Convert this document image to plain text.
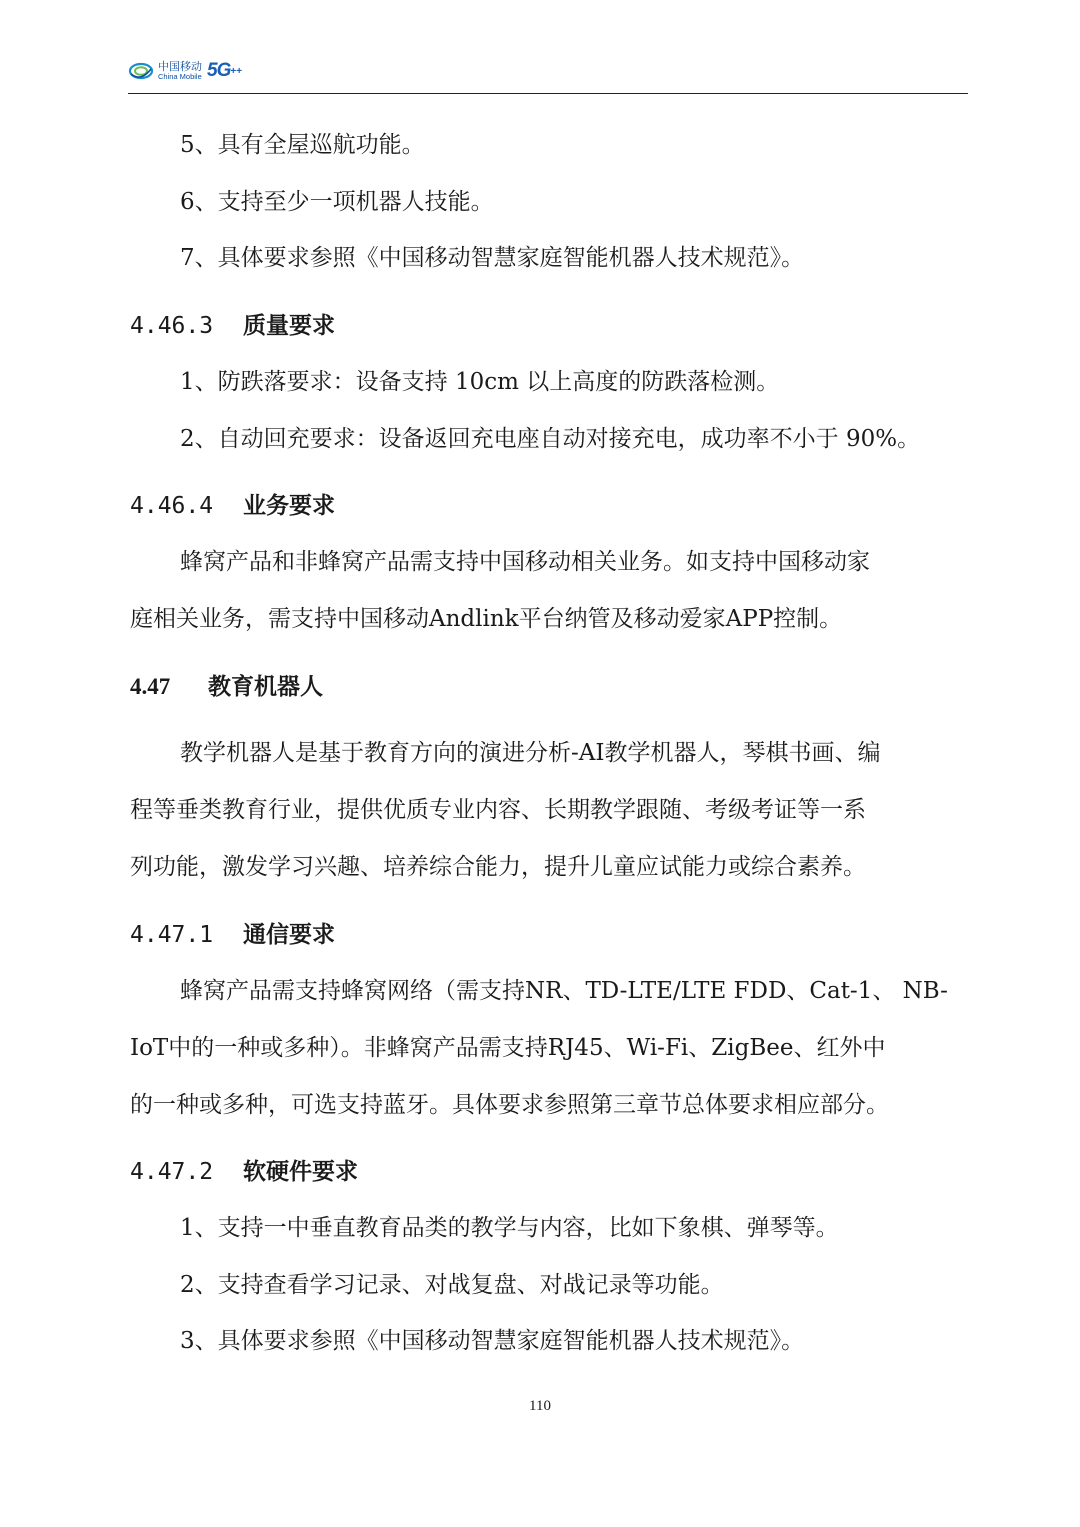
中国移动
China Mobile 5G ++
5、具有全屋巡航功能。
6、支持至少一项机器人技能。
7、具体要求参照《中国移动智慧家庭智能机器人技术规范》。
4.46.3 质量要求
1、防跌落要求：设备支持 10cm 以上高度的防跌落检测。
2、自动回充要求：设备返回充电座自动对接充电，成功率不小于 90%。
4.46.4 业务要求
蜂窝产品和非蜂窝产品需支持中国移动相关业务。如支持中国移动家
庭相关业务，需支持中国移动Andlink平台纳管及移动爱家APP控制。
4.47 教育机器人
教学机器人是基于教育方向的演进分析-AI教学机器人，琴棋书画、编
程等垂类教育行业，提供优质专业内容、长期教学跟随、考级考证等一系
列功能，激发学习兴趣、培养综合能力，提升儿童应试能力或综合素养。
4.47.1 通信要求
蜂窝产品需支持蜂窝网络（需支持NR、TD-LTE/LTE FDD、Cat-1、 NB-
IoT中的一种或多种）。非蜂窝产品需支持RJ45、Wi-Fi、ZigBee、红外中
的一种或多种，可选支持蓝牙。具体要求参照第三章节总体要求相应部分。
4.47.2 软硬件要求
1、支持一中垂直教育品类的教学与内容，比如下象棋、弹琴等。
2、支持查看学习记录、对战复盘、对战记录等功能。
3、具体要求参照《中国移动智慧家庭智能机器人技术规范》。
110
